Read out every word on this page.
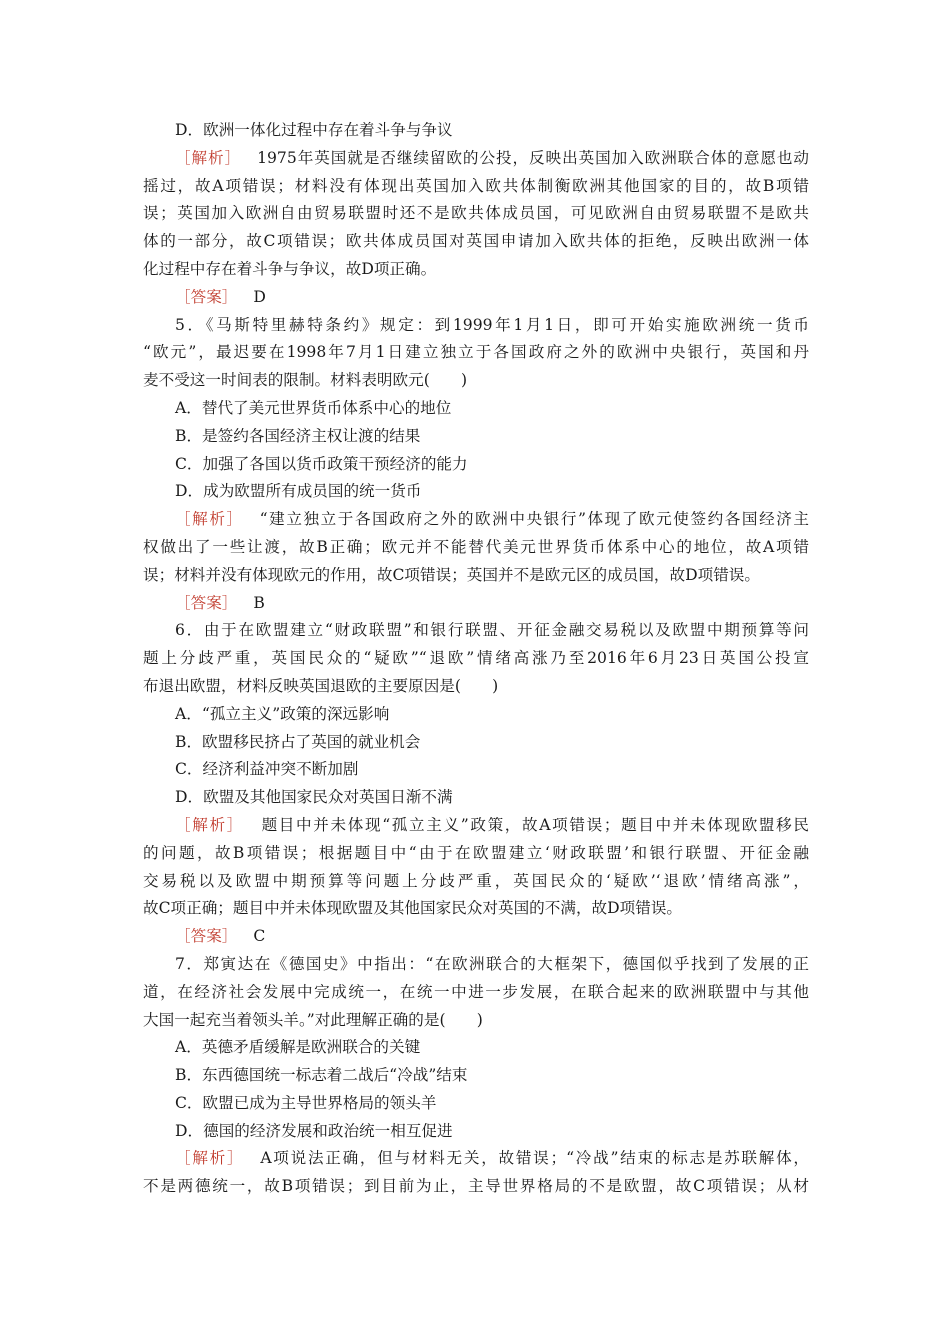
D．欧洲一体化过程中存在着斗争与争议
［解析］ 1975年英国就是否继续留欧的公投，反映出英国加入欧洲联合体的意愿也动
摇过，故A项错误；材料没有体现出英国加入欧共体制衡欧洲其他国家的目的，故B项错
误；英国加入欧洲自由贸易联盟时还不是欧共体成员国，可见欧洲自由贸易联盟不是欧共
体的一部分，故C项错误；欧共体成员国对英国申请加入欧共体的拒绝，反映出欧洲一体
化过程中存在着斗争与争议，故D项正确。
［答案］ D
5．《马斯特里赫特条约》规定：到1999年1月1日，即可开始实施欧洲统一货币
“欧元”，最迟要在1998年7月1日建立独立于各国政府之外的欧洲中央银行，英国和丹
麦不受这一时间表的限制。材料表明欧元(　　)
A．替代了美元世界货币体系中心的地位
B．是签约各国经济主权让渡的结果
C．加强了各国以货币政策干预经济的能力
D．成为欧盟所有成员国的统一货币
［解析］ “建立独立于各国政府之外的欧洲中央银行”体现了欧元使签约各国经济主
权做出了一些让渡，故B正确；欧元并不能替代美元世界货币体系中心的地位，故A项错
误；材料并没有体现欧元的作用，故C项错误；英国并不是欧元区的成员国，故D项错误。
［答案］ B
6．由于在欧盟建立“财政联盟”和银行联盟、开征金融交易税以及欧盟中期预算等问
题上分歧严重，英国民众的“疑欧”“退欧”情绪高涨乃至2016年6月23日英国公投宣
布退出欧盟，材料反映英国退欧的主要原因是(　　)
A．“孤立主义”政策的深远影响
B．欧盟移民挤占了英国的就业机会
C．经济利益冲突不断加剧
D．欧盟及其他国家民众对英国日渐不满
［解析］ 题目中并未体现“孤立主义”政策，故A项错误；题目中并未体现欧盟移民
的问题，故B项错误；根据题目中“由于在欧盟建立‘财政联盟’和银行联盟、开征金融
交易税以及欧盟中期预算等问题上分歧严重，英国民众的‘疑欧’‘退欧’情绪高涨”，
故C项正确；题目中并未体现欧盟及其他国家民众对英国的不满，故D项错误。
［答案］ C
7．郑寅达在《德国史》中指出：“在欧洲联合的大框架下，德国似乎找到了发展的正
道，在经济社会发展中完成统一，在统一中进一步发展，在联合起来的欧洲联盟中与其他
大国一起充当着领头羊。”对此理解正确的是(　　)
A．英德矛盾缓解是欧洲联合的关键
B．东西德国统一标志着二战后“冷战”结束
C．欧盟已成为主导世界格局的领头羊
D．德国的经济发展和政治统一相互促进
［解析］ A项说法正确，但与材料无关，故错误；“冷战”结束的标志是苏联解体，
不是两德统一，故B项错误；到目前为止，主导世界格局的不是欧盟，故C项错误；从材
